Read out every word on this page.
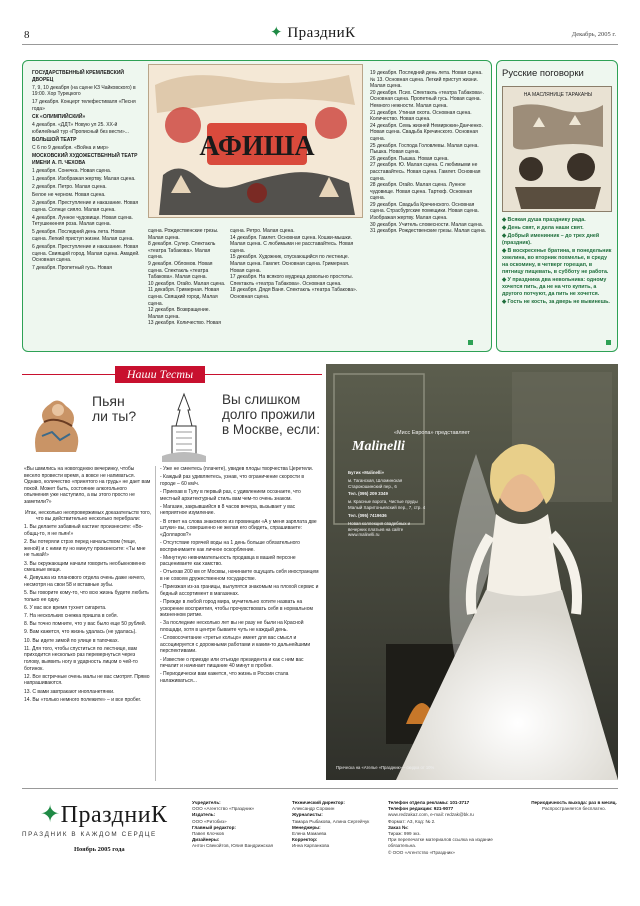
8	✦ ПраздниК	Декабрь, 2005 г.

ГОСУДАРСТВЕННЫЙ КРЕМЛЕВСКИЙ ДВОРЕЦ

7, 9, 10 декабря (на сцене КЗ Чайковского) в 19:00. Хор Турецкого

17 декабря. Концерт телефестиваля «Песня года»

СК «ОЛИМПИЙСКИЙ»

4 декабря. «ДДТ» Новую ул 25. ХХ-й юбилейный тур «Прописный без вести»...

БОЛЬШОЙ ТЕАТР

С 6 по 9 декабря. «Война и мир»

МОСКОВСКИЙ ХУДОЖЕСТВЕННЫЙ ТЕАТР ИМЕНИ А. П. ЧЕХОВА

1 декабря. Сонечка. Новая сцена.

1 декабря. Изображая жертву. Малая сцена.

2 декабря. Петрo. Малая сцена.

Белое не черном. Новая сцена.

3 декабря. Преступление и наказание. Новая сцена. Солнце сияло. Малая сцена.

4 декабря. Лунное чудовище. Новая сцена. Тетушкнкнняя роза. Малая сцена.

5 декабря. Последний день лета. Новая сцена. Легкий приступ жизни. Малая сцена.

6 декабря. Преступление и наказание. Новая сцена. Свиящий город. Малая сцена. Амадей. Основная сцена.

7 декабря. Пропетный гусь. Новая

АФИША

сцена. Рождественские грезы. Малая сцена.

8 декабря. Сулер. Спектакль «театра Табакова». Малая сцена.

9 декабря. Обломов. Новая сцена. Спектакль «театра Табакова». Малая сцена.

10 декабря. Огайо. Малая сцена.

11 декабря. Гримерная. Новая сцена. Свящкий город. Малая сцена.

12 декабря. Возвращение. Малая сцена.

13 декабря. Количество. Новая

сцена. Ретро. Малая сцена.

14 декабря. Гамлет. Основная сцена. Кошки-мышки. Малая сцена. С любимыми не расставайтесь. Новая сцена.

15 декабря. Художник, спускающийся по лестнице. Малая сцена. Гамлет. Основная сцена. Гримерная. Новая сцена.

17 декабря. На всякого мудреца довольно простоты. Спектакль «театра Табакова». Основная сцена.

18 декабря. Дядя Ваня. Спектакль «театра Табакова». Основная сцена.

19 декабря. Последний день лета. Новая сцена. № 13. Основная сцена. Легкий приступ жизни. Малая сцена.

20 декабря. Псих. Спектакль «театра Табакова». Основная сцена. Пропетный гусь. Новая сцена.

Немного нежности. Малая сцена.

21 декабря. Утиная охота. Основная сцена. Количество. Новая сцена.

24 декабря. Семь жизней Немирюкин-Данченко. Новая сцена. Свадьба Кречинского. Основная сцена.

25 декабря. Господа Головлевы. Малая сцена. Пышка. Новая сцена.

26 декабря. Пышка. Новая сцена.

27 декабря. Ю. Малая сцена. С любимыми не расставайтесь. Новая сцена. Гамлет. Основная сцена.

28 декабря. Огайо. Малая сцена. Лунное чудовище. Новая сцена. Тартюф. Основная сцена.

29 декабря. Свадьба Кречинского. Основная сцена. Страсбургские помещики. Новая сцена. Изображая жертву. Малая сцена.

30 декабря. Учитель словесности. Малая сцена.

31 декабря. Рождественские грезы. Малая сцена.

Русские поговорки
НА МАСЛЯНИЦЕ ТАРАКАНЫ

◆ Всякая душа празднику рада.

◆ День свят, и дела наши свят.

◆ Добрый именинник – до трех дней (праздник).

◆ В воскресенье братина, в понедельник хмелина, во вторник похмелье, в среду на оскомину, в четверг горещап, в пятницу пищевать, в субботу не работа.

◆ У праздника два невольника: одному хочется пить, да не на что купить, а другого потчуют, да пить не хочется.

◆ Гость не кость, за дверь не выкинешь.

Наши Тесты
Пьян ли ты?
Вы слишком долго прожили в Москве, если:

«Вы шмились на новогоднюю вечеринку, чтобы весело провести время, а вовсе не напиваться. Однако, количество «принятого на грудь» не дает вам покой. Может быть, состояние алкогольного опьянения уже наступило, а вы этого просто не заметили?»

Итак, несколько неопровержимых доказательств того, что вы действительно несколько перебрали:

1. Вы делаете забавный кастинг произнесите: «Во-общщ-то, я не пьян!»

2. Вы потеряли стрэх перед начальством (теще, женой) и с ними пу но минуту произнесите: «Ты мне не тыкай!»

3. Вы окружающим начали говорить необыкновенно смешные вещи.

4. Девушка из планового отдела очень даже ничего, несмотря на свои 58 и вставные зубы.

5. Вы говорите кому-то, что всю жизнь будете любить только ее одну.

6. У вас все время тухнет сигарета.

7. На нескольких снежка пришла в себя.

8. Вы точно помните, что у вас было еще 50 рублей.

9. Вам кажется, что жизнь удалась (не удалась).

10. Вы идете зимой по улице в тапочках.

11. Для того, чтобы спуститься по лестнице, вам приходится несколько раз перевернуться через голову, выявить ногу в ударность лицом о чей-то ботинок.

12. Все встречные очень малы не вас смотрят. Прямо напрашиваются.

13. С вами завтракают инопланетянки.

14. Вы «только немного полежите» – и все пробег.

- Уже не смеетесь (плачете), увидев плоды творчества Церетели.

- Каждый раз удивляетесь, узнав, что ограничение скорости в городе – 60 км/ч.

- Приехав в Тулу в первый раз, с удивлением осознаете, что местный архитектурный стиль вам чем-то очень знаком.

- Магазин, закрывшийся в 8 часов вечера, вызывает у вас неприятное изумление.

- В ответ на слова знакомого из провинции «А у меня зарплата две штуки» вы, совершенно не желая его обидеть, спрашиваете: «Долларов?»

- Отсутствие горячей воды на 1 день больше обязательного воспринимаете как личное оскорбление.

- Минутную невнимательность продавца в вашей персоне расцениваете как хамство.

- Отъехав 200 км от Москвы, начинаете ощущать себя иностранцем в не совсем дружественном государстве.

- Приезжая из-за границы, вылупятся знакомым на плохой сервис и бедный ассортимент в магазинах.

- Прежде в любой город мира, мучительно хотите назвать на ускорение восприятия, чтобы прочувствовать себя в нормальном жизненном ритме.

- За последние несколько лет вы не разу не были на Красной площади, хотя в центре бываете чуть не каждый день.

- Словосочетание «третье кольцо» имеет для вас смысл и ассоциируется с дорожными работами и каким-то дальнейшими перспективами.

- Известие о приезде или отъезде президента и как с ним вас печалит и начинает пищание 40 минут в пробке.

- Периодически вам кажется, что жизнь в России стала налаживаться...

«Мисс Европа» представляет
Malinelli

Бутик «Malinelli»

м. Таганская, Шломинская Старокошинский пер., 6

Тел. (095) 209 3349

м. Красные ворота, Чистые пруды Малый Харитоньевский пер., 7, стр. 4

Тел. (095) 7419636

Новая коллекция свадебных и вечерних платьев на сайте www.malinelli.ru

Прическа на «Ателье «Праздник» – скидка от 10%
✦ПраздниК
ПРАЗДНИК В КАЖДОМ СЕРДЦЕ
Ноябрь 2005 года

Учредитель:

ООО «Агентство «Праздник»

Издатель:

ООО «Ритобиз»

Главный редактор:

Павел Клочков

Дизайнеры:

Антон Свекойтов, Юлия Вандрижская

Технический директор:

Александр Сорокин

Журналисты:

Тамара Рыбакова, Алина Сергейчук

Менеджеры:

Елена Мамаева

Корректор:

Инна Карпанкова

Телефон отдела рекламы: 101-3717

Телефон редакции: 921-9077

www.redzakaz.com, e-mail: redzak@bk.ru

Формат: А3, Код: № 2.

Заказ №:

Тираж: 999 экз.

При перепечатке материалов ссылка на издание обязательна.

© ООО «Агентство «Праздник»

Периодичность выхода: раз в месяц.

Распространяется бесплатно.
